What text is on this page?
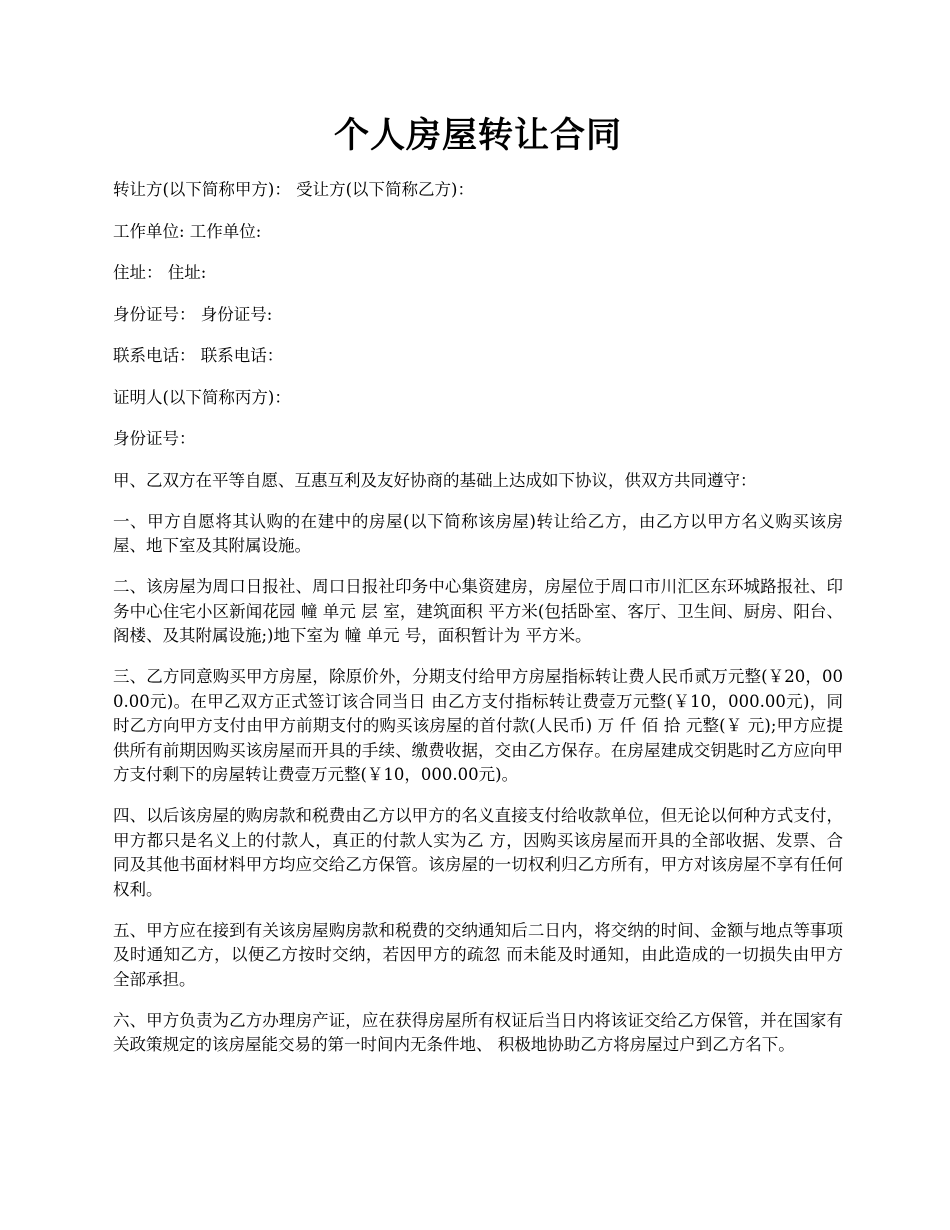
个人房屋转让合同
转让方(以下简称甲方)： 受让方(以下简称乙方)：
工作单位: 工作单位:
住址： 住址:
身份证号： 身份证号:
联系电话： 联系电话：
证明人(以下简称丙方)：
身份证号：
甲、乙双方在平等自愿、互惠互利及友好协商的基础上达成如下协议，供双方共同遵守：
一、甲方自愿将其认购的在建中的房屋(以下简称该房屋)转让给乙方，由乙方以甲方名义购买该房屋、地下室及其附属设施。
二、该房屋为周口日报社、周口日报社印务中心集资建房，房屋位于周口市川汇区东环城路报社、印务中心住宅小区新闻花园 幢 单元 层 室，建筑面积 平方米(包括卧室、客厅、卫生间、厨房、阳台、阁楼、及其附属设施;)地下室为 幢 单元 号，面积暂计为 平方米。
三、乙方同意购买甲方房屋，除原价外，分期支付给甲方房屋指标转让费人民币贰万元整(￥20，000.00元)。在甲乙双方正式签订该合同当日 由乙方支付指标转让费壹万元整(￥10，000.00元)，同时乙方向甲方支付由甲方前期支付的购买该房屋的首付款(人民币) 万 仟 佰 拾 元整(￥ 元);甲方应提供所有前期因购买该房屋而开具的手续、缴费收据，交由乙方保存。在房屋建成交钥匙时乙方应向甲方支付剩下的房屋转让费壹万元整(￥10，000.00元)。
四、以后该房屋的购房款和税费由乙方以甲方的名义直接支付给收款单位，但无论以何种方式支付，甲方都只是名义上的付款人，真正的付款人实为乙 方，因购买该房屋而开具的全部收据、发票、合同及其他书面材料甲方均应交给乙方保管。该房屋的一切权利归乙方所有，甲方对该房屋不享有任何权利。
五、甲方应在接到有关该房屋购房款和税费的交纳通知后二日内，将交纳的时间、金额与地点等事项及时通知乙方，以便乙方按时交纳，若因甲方的疏忽 而未能及时通知，由此造成的一切损失由甲方全部承担。
六、甲方负责为乙方办理房产证，应在获得房屋所有权证后当日内将该证交给乙方保管，并在国家有关政策规定的该房屋能交易的第一时间内无条件地、 积极地协助乙方将房屋过户到乙方名下。
